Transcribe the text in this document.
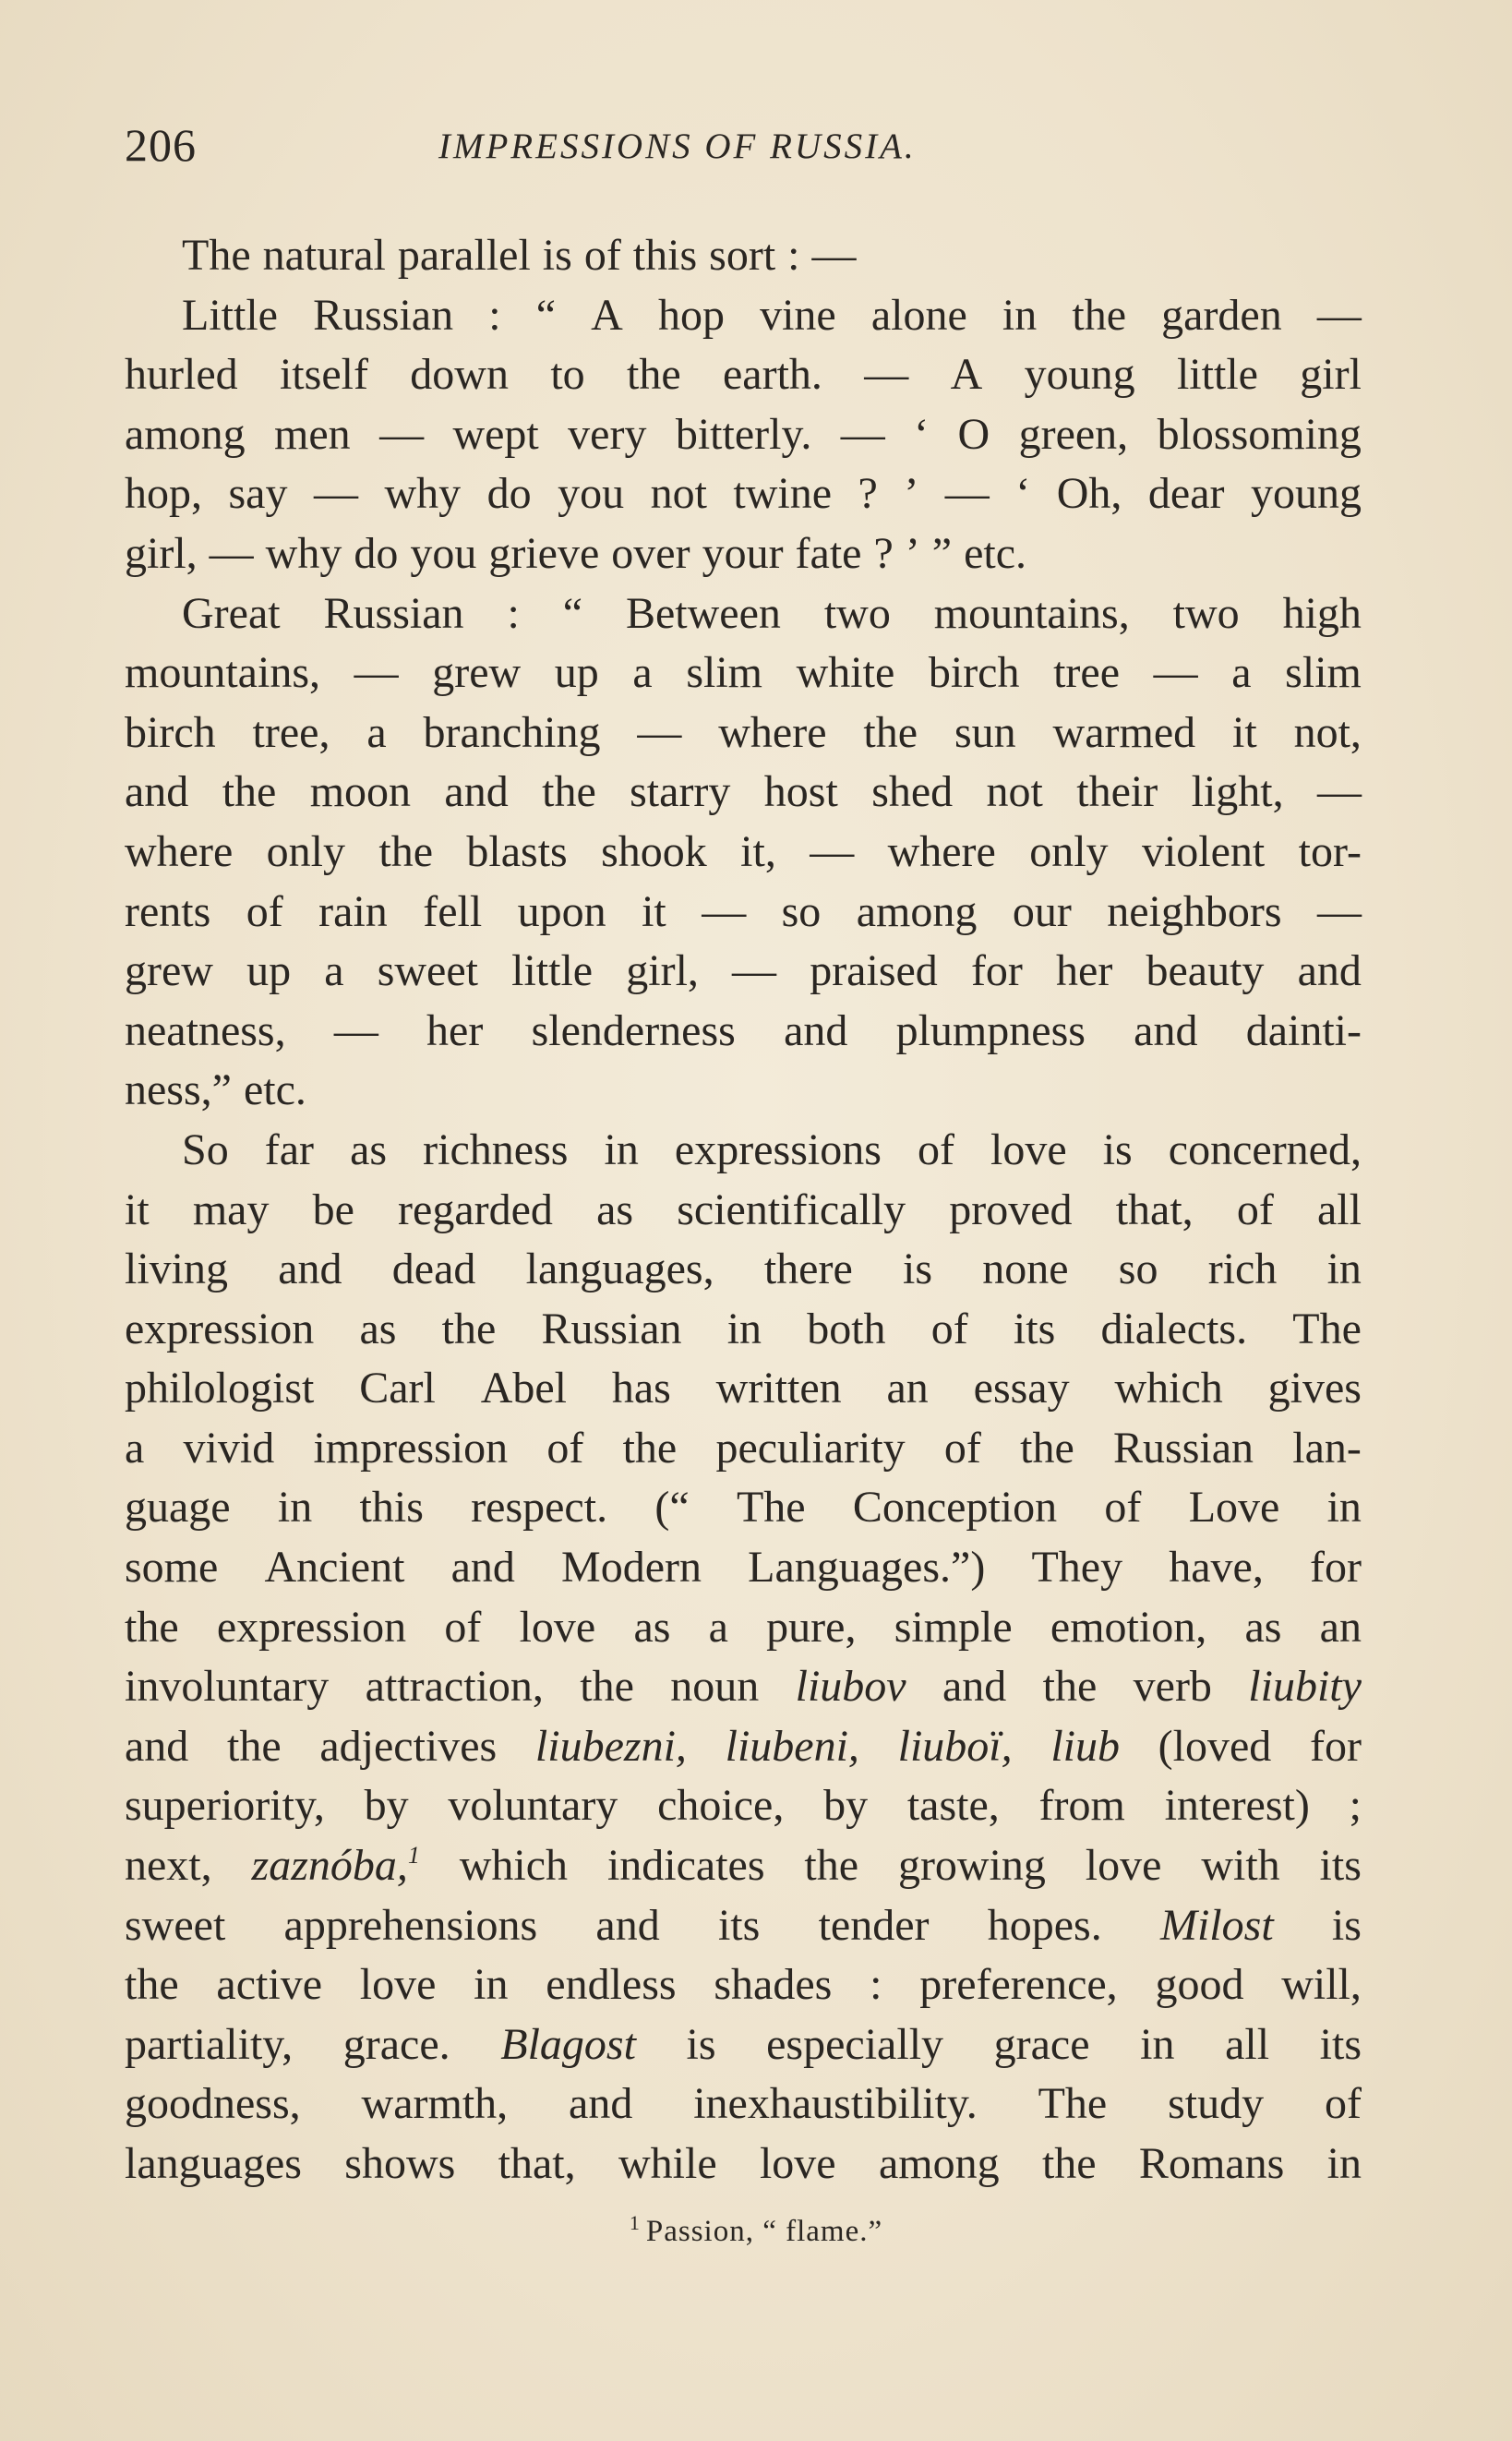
206	IMPRESSIONS OF RUSSIA.
The natural parallel is of this sort : —
Little Russian : “ A hop vine alone in the garden —
hurled itself down to the earth. — A young little girl
among men — wept very bitterly. — ‘ O green, blossoming
hop, say — why do you not twine ? ’ — ‘ Oh, dear young
girl, — why do you grieve over your fate ? ’ ” etc.
Great Russian : “ Between two mountains, two high
mountains, — grew up a slim white birch tree — a slim
birch tree, a branching — where the sun warmed it not,
and the moon and the starry host shed not their light, —
where only the blasts shook it, — where only violent tor-
rents of rain fell upon it — so among our neighbors —
grew up a sweet little girl, — praised for her beauty and
neatness, — her slenderness and plumpness and dainti-
ness,” etc.
So far as richness in expressions of love is concerned,
it may be regarded as scientifically proved that, of all
living and dead languages, there is none so rich in
expression as the Russian in both of its dialects. The
philologist Carl Abel has written an essay which gives
a vivid impression of the peculiarity of the Russian lan-
guage in this respect. (“ The Conception of Love in
some Ancient and Modern Languages.”) They have, for
the expression of love as a pure, simple emotion, as an
involuntary attraction, the noun liubov and the verb liubity
and the adjectives liubezni, liubeni, liuboï, liub (loved for
superiority, by voluntary choice, by taste, from interest) ;
next, zaznóba,$^1$ which indicates the growing love with its
sweet apprehensions and its tender hopes. Milost is
the active love in endless shades : preference, good will,
partiality, grace. Blagost is especially grace in all its
goodness, warmth, and inexhaustibility. The study of
languages shows that, while love among the Romans in
$^1$ Passion, “ flame.”
